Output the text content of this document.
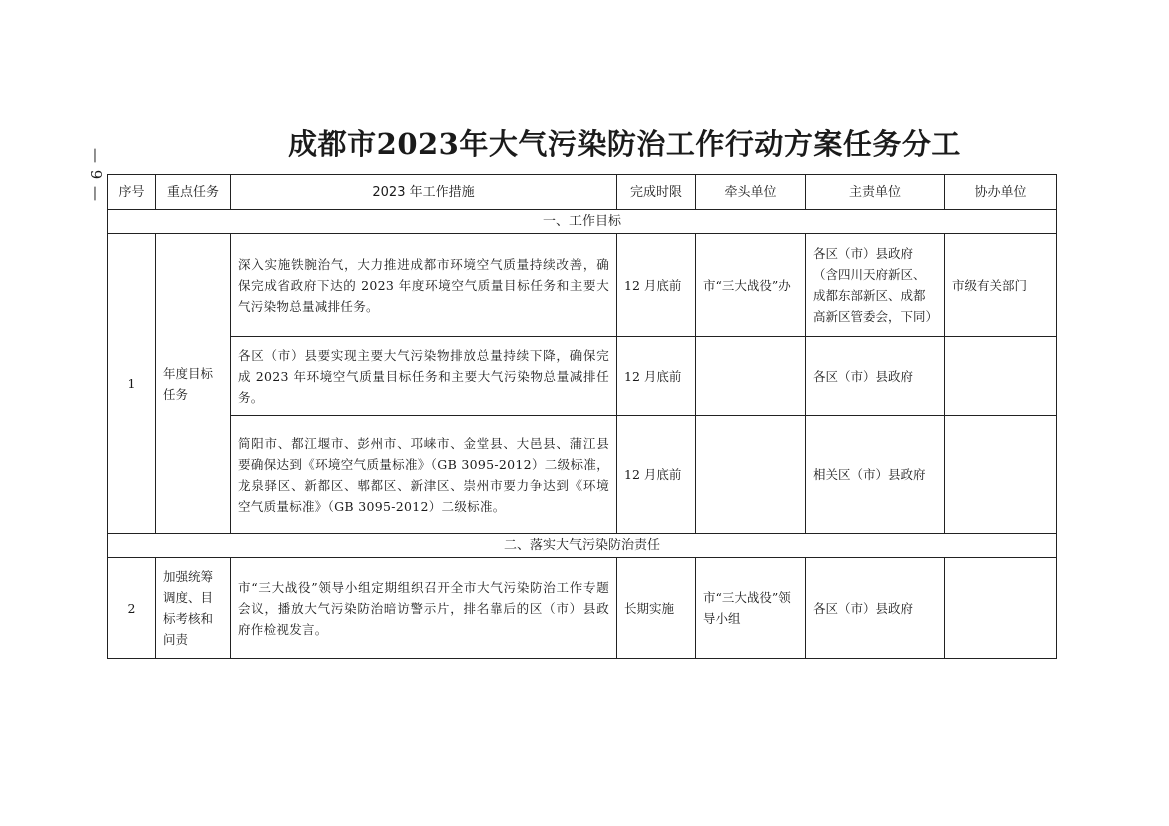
— 9 —
成都市2023年大气污染防治工作行动方案任务分工
序号	重点任务	2023 年工作措施	完成时限	牵头单位	主责单位	协办单位
一、工作目标						
1	年度目标任务	深入实施铁腕治气，大力推进成都市环境空气质量持续改善，确保完成省政府下达的 2023 年度环境空气质量目标任务和主要大气污染物总量减排任务。	12 月底前	市“三大战役”办	各区（市）县政府（含四川天府新区、成都东部新区、成都高新区管委会，下同）	市级有关部门
		各区（市）县要实现主要大气污染物排放总量持续下降，确保完成 2023 年环境空气质量目标任务和主要大气污染物总量减排任务。	12 月底前		各区（市）县政府	
		简阳市、都江堰市、彭州市、邛崃市、金堂县、大邑县、蒲江县要确保达到《环境空气质量标准》（GB 3095-2012）二级标准，龙泉驿区、新都区、郫都区、新津区、崇州市要力争达到《环境空气质量标准》（GB 3095-2012）二级标准。	12 月底前		相关区（市）县政府	
二、落实大气污染防治责任						
2	加强统筹调度、目标考核和问责	市“三大战役”领导小组定期组织召开全市大气污染防治工作专题会议，播放大气污染防治暗访警示片，排名靠后的区（市）县政府作检视发言。	长期实施	市“三大战役”领导小组	各区（市）县政府	
